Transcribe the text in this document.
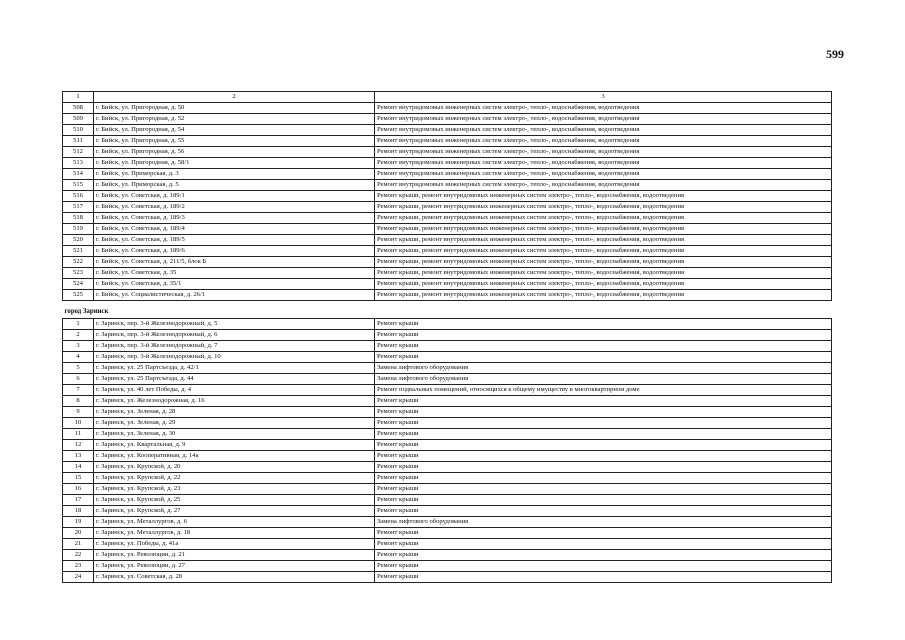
599
1	2	3
508	г. Бийск, ул. Пригородная, д. 50	Ремонт внутридомовых инженерных систем электро-, тепло-, водоснабжения, водоотведения
509	г. Бийск, ул. Пригородная, д. 52	Ремонт внутридомовых инженерных систем электро-, тепло-, водоснабжения, водоотведения
510	г. Бийск, ул. Пригородная, д. 54	Ремонт внутридомовых инженерных систем электро-, тепло-, водоснабжения, водоотведения
511	г. Бийск, ул. Пригородная, д. 55	Ремонт внутридомовых инженерных систем электро-, тепло-, водоснабжения, водоотведения
512	г. Бийск, ул. Пригородная, д. 56	Ремонт внутридомовых инженерных систем электро-, тепло-, водоснабжения, водоотведения
513	г. Бийск, ул. Пригородная, д. 58/1	Ремонт внутридомовых инженерных систем электро-, тепло-, водоснабжения, водоотведения
514	г. Бийск, ул. Приморская, д. 3	Ремонт внутридомовых инженерных систем электро-, тепло-, водоснабжения, водоотведения
515	г. Бийск, ул. Приморская, д. 5	Ремонт внутридомовых инженерных систем электро-, тепло-, водоснабжения, водоотведения
516	г. Бийск, ул. Советская, д. 189/1	Ремонт крыши, ремонт внутридомовых инженерных систем электро-, тепло-, водоснабжения, водоотведения
517	г. Бийск, ул. Советская, д. 189/2	Ремонт крыши, ремонт внутридомовых инженерных систем электро-, тепло-, водоснабжения, водоотведения
518	г. Бийск, ул. Советская, д. 189/3	Ремонт крыши, ремонт внутридомовых инженерных систем электро-, тепло-, водоснабжения, водоотведения
519	г. Бийск, ул. Советская, д. 189/4	Ремонт крыши, ремонт внутридомовых инженерных систем электро-, тепло-, водоснабжения, водоотведения
520	г. Бийск, ул. Советская, д. 189/5	Ремонт крыши, ремонт внутридомовых инженерных систем электро-, тепло-, водоснабжения, водоотведения
521	г. Бийск, ул. Советская, д. 189/6	Ремонт крыши, ремонт внутридомовых инженерных систем электро-, тепло-, водоснабжения, водоотведения
522	г. Бийск, ул. Советская, д. 211/5, блок Б	Ремонт крыши, ремонт внутридомовых инженерных систем электро-, тепло-, водоснабжения, водоотведения
523	г. Бийск, ул. Советская, д. 35	Ремонт крыши, ремонт внутридомовых инженерных систем электро-, тепло-, водоснабжения, водоотведения
524	г. Бийск, ул. Советская, д. 35/1	Ремонт крыши, ремонт внутридомовых инженерных систем электро-, тепло-, водоснабжения, водоотведения
525	г. Бийск, ул. Социалистическая, д. 26/1	Ремонт крыши, ремонт внутридомовых инженерных систем электро-, тепло-, водоснабжения, водоотведения
город Заринск		
1	г. Заринск, пер. 3-й Железнодорожный, д. 5	Ремонт крыши
2	г. Заринск, пер. 3-й Железнодорожный, д. 6	Ремонт крыши
3	г. Заринск, пер. 3-й Железнодорожный, д. 7	Ремонт крыши
4	г. Заринск, пер. 3-й Железнодорожный, д. 10	Ремонт крыши
5	г. Заринск, ул. 25 Партсъезда, д. 42/1	Замена лифтового оборудования
6	г. Заринск, ул. 25 Партсъезда, д. 44	Замена лифтового оборудования
7	г. Заринск, ул. 40 лет Победы, д. 4	Ремонт подвальных помещений, относящихся к общему имуществу в многоквартирном доме
8	г. Заринск, ул. Железнодорожная, д. 16	Ремонт крыши
9	г. Заринск, ул. Зеленая, д. 28	Ремонт крыши
10	г. Заринск, ул. Зеленая, д. 29	Ремонт крыши
11	г. Заринск, ул. Зеленая, д. 30	Ремонт крыши
12	г. Заринск, ул. Квартальная, д. 9	Ремонт крыши
13	г. Заринск, ул. Кооперативная, д. 14а	Ремонт крыши
14	г. Заринск, ул. Крупской, д. 20	Ремонт крыши
15	г. Заринск, ул. Крупской, д. 22	Ремонт крыши
16	г. Заринск, ул. Крупской, д. 23	Ремонт крыши
17	г. Заринск, ул. Крупской, д. 25	Ремонт крыши
18	г. Заринск, ул. Крупской, д. 27	Ремонт крыши
19	г. Заринск, ул. Металлургов, д. 6	Замена лифтового оборудования
20	г. Заринск, ул. Металлургов, д. 18	Ремонт крыши
21	г. Заринск, ул. Победы, д. 41а	Ремонт крыши
22	г. Заринск, ул. Революции, д. 21	Ремонт крыши
23	г. Заринск, ул. Революции, д. 27	Ремонт крыши
24	г. Заринск, ул. Советская, д. 28	Ремонт крыши
